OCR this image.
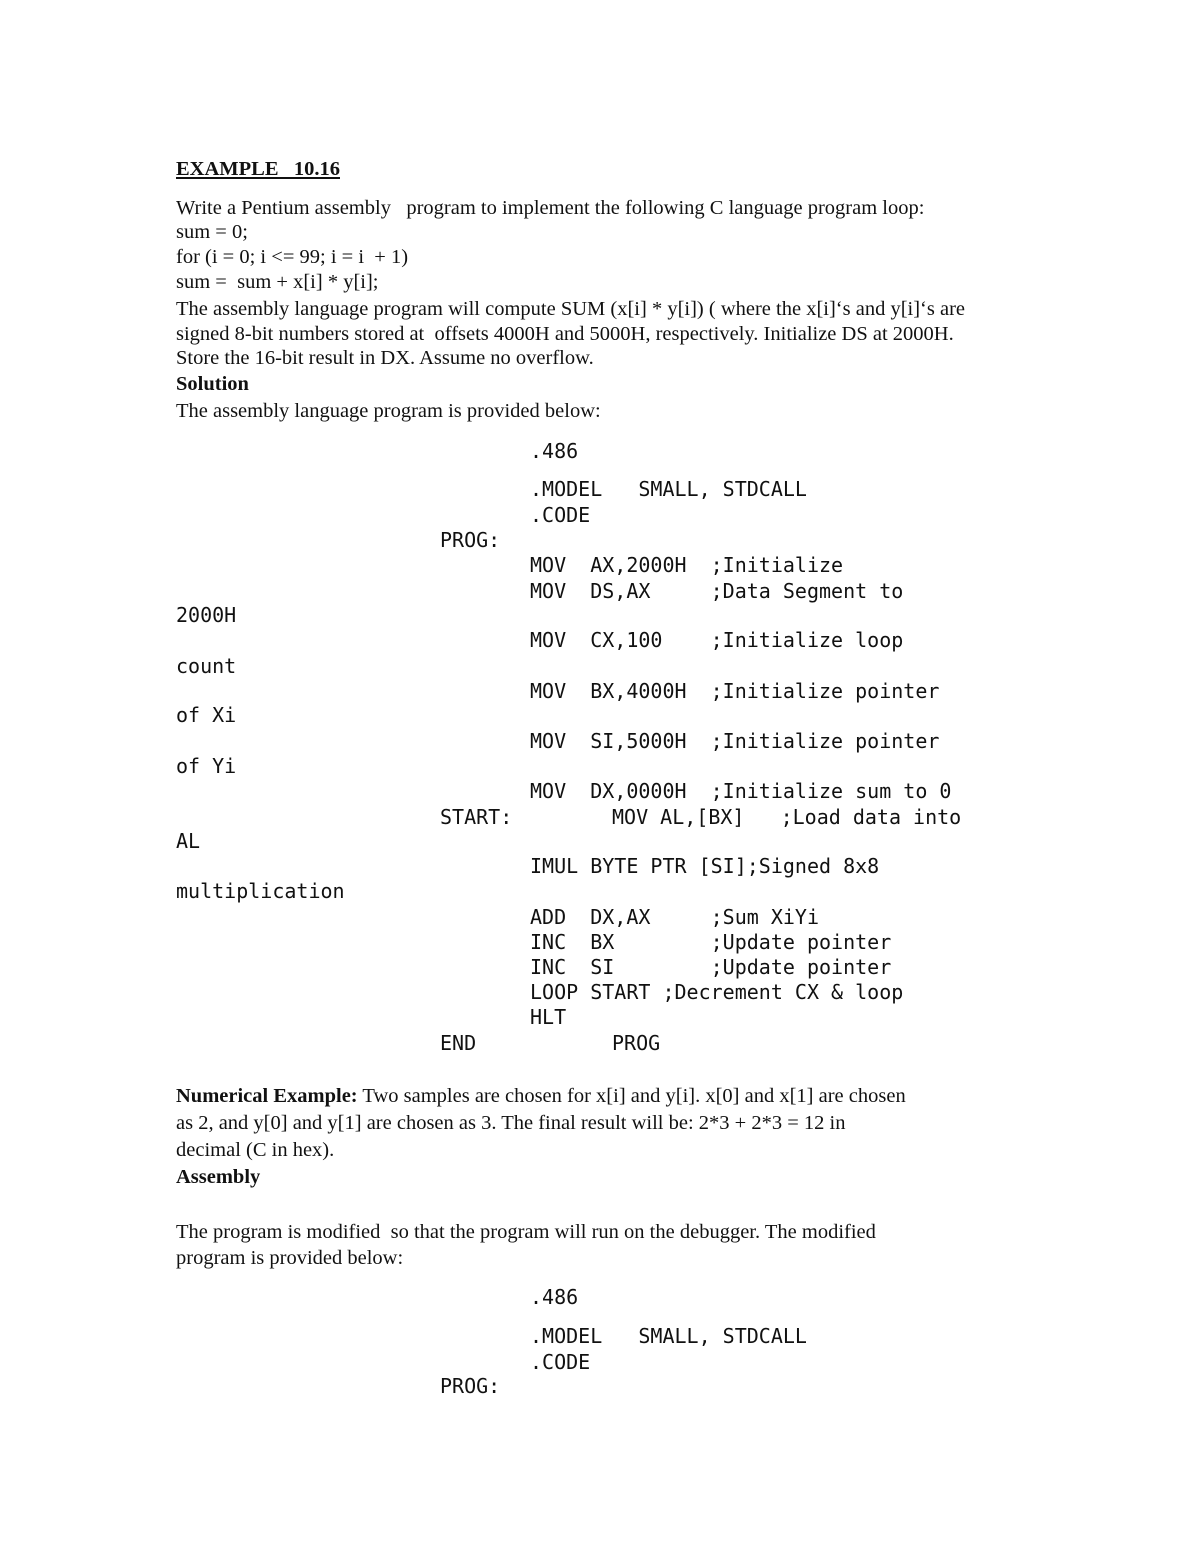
EXAMPLE   10.16
Write a Pentium assembly   program to implement the following C language program loop:
sum = 0;
for (i = 0; i <= 99; i = i  + 1)
sum =  sum + x[i] * y[i];
The assembly language program will compute SUM (x[i] * y[i]) ( where the x[i]‘s and y[i]‘s are
signed 8-bit numbers stored at  offsets 4000H and 5000H, respectively. Initialize DS at 2000H.
Store the 16-bit result in DX. Assume no overflow.
Solution
The assembly language program is provided below:
.486
.MODEL   SMALL, STDCALL
.CODE
PROG:
MOV  AX,2000H  ;Initialize
MOV  DS,AX     ;Data Segment to
2000H
MOV  CX,100    ;Initialize loop
count
MOV  BX,4000H  ;Initialize pointer
of Xi
MOV  SI,5000H  ;Initialize pointer
of Yi
MOV  DX,0000H  ;Initialize sum to 0
START:	MOV AL,[BX]   ;Load data into
AL
IMUL BYTE PTR [SI];Signed 8x8
multiplication
ADD  DX,AX     ;Sum XiYi
INC  BX        ;Update pointer
INC  SI        ;Update pointer
LOOP START ;Decrement CX & loop
HLT
END	PROG
Numerical Example: Two samples are chosen for x[i] and y[i]. x[0] and x[1] are chosen
as 2, and y[0] and y[1] are chosen as 3. The final result will be: 2*3 + 2*3 = 12 in
decimal (C in hex).
Assembly
The program is modified  so that the program will run on the debugger. The modified
program is provided below:
.486
.MODEL   SMALL, STDCALL
.CODE
PROG:
